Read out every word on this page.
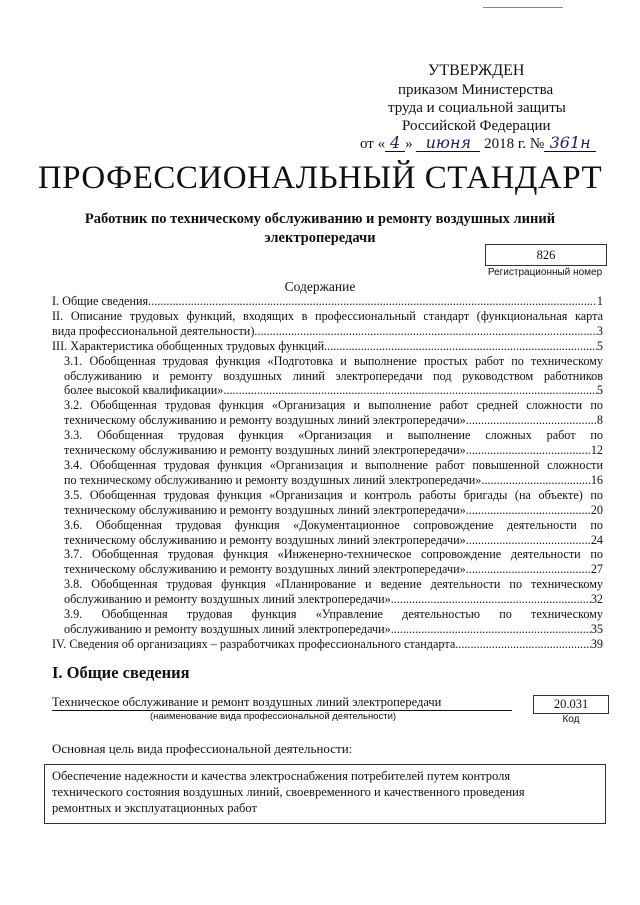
УТВЕРЖДЕН
приказом Министерства
труда и социальной защиты
Российской Федерации
от « 4 » июня 2018 г. № 361н
ПРОФЕССИОНАЛЬНЫЙ СТАНДАРТ
Работник по техническому обслуживанию и ремонту воздушных линий электропередачи
826
Регистрационный номер
Содержание
I. Общие сведения .....	1
II. Описание трудовых функций, входящих в профессиональный стандарт (функциональная карта
вида профессиональной деятельности) .....	3
III. Характеристика обобщенных трудовых функций .....	5
3.1. Обобщенная трудовая функция «Подготовка и выполнение простых работ по техническому
обслуживанию и ремонту воздушных линий электропередачи под руководством работников
более высокой квалификации» .....	5
3.2. Обобщенная трудовая функция «Организация и выполнение работ средней сложности по
техническому обслуживанию и ремонту воздушных линий электропередачи» .....	8
3.3. Обобщенная трудовая функция «Организация и выполнение сложных работ по
техническому обслуживанию и ремонту воздушных линий электропередачи» .....	12
3.4. Обобщенная трудовая функция «Организация и выполнение работ повышенной сложности
по техническому обслуживанию и ремонту воздушных линий электропередачи» .....	16
3.5. Обобщенная трудовая функция «Организация и контроль работы бригады (на объекте) по
техническому обслуживанию и ремонту воздушных линий электропередачи» .....	20
3.6. Обобщенная трудовая функция «Документационное сопровождение деятельности по
техническому обслуживанию и ремонту воздушных линий электропередачи» .....	24
3.7. Обобщенная трудовая функция «Инженерно-техническое сопровождение деятельности по
техническому обслуживанию и ремонту воздушных линий электропередачи» .....	27
3.8. Обобщенная трудовая функция «Планирование и ведение деятельности по техническому
обслуживанию и ремонту воздушных линий электропередачи» .....	32
3.9. Обобщенная трудовая функция «Управление деятельностью по техническому
обслуживанию и ремонту воздушных линий электропередачи» .....	35
IV. Сведения об организациях – разработчиках профессионального стандарта .....	39
I. Общие сведения
Техническое обслуживание и ремонт воздушных линий электропередачи
(наименование вида профессиональной деятельности)
20.031
Код
Основная цель вида профессиональной деятельности:
Обеспечение надежности и качества электроснабжения потребителей путем контроля
технического состояния воздушных линий, своевременного и качественного проведения
ремонтных и эксплуатационных работ
